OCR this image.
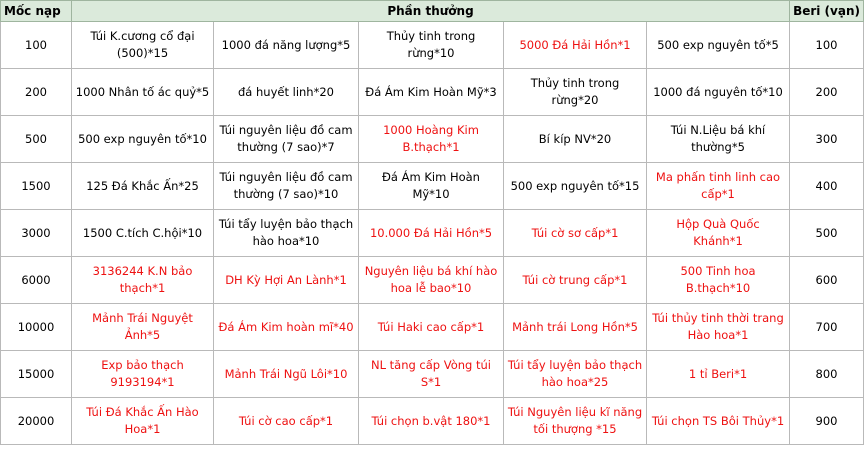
Mốc nạp	Phần thưởng					Beri (vạn)
100	Túi K.cương cổ đại (500)*15	1000 đá năng lượng*5	Thủy tinh trong rừng*10	5000 Đá Hải Hồn*1	500 exp nguyên tố*5	100
200	1000 Nhân tố ác quỷ*5	đá huyết linh*20	Đá Ám Kim Hoàn Mỹ*3	Thủy tinh trong rừng*20	1000 đá nguyên tố*10	200
500	500 exp nguyên tố*10	Túi nguyên liệu đồ cam thường (7 sao)*7	1000 Hoàng Kim B.thạch*1	Bí kíp NV*20	Túi N.Liệu bá khí thường*5	300
1500	125 Đá Khắc Ấn*25	Túi nguyên liệu đồ cam thường (7 sao)*10	Đá Ám Kim Hoàn Mỹ*10	500 exp nguyên tố*15	Ma phấn tinh linh cao cấp*1	400
3000	1500 C.tích C.hội*10	Túi tẩy luyện bảo thạch hào hoa*10	10.000 Đá Hải Hồn*5	Túi cờ sơ cấp*1	Hộp Quà Quốc Khánh*1	500
6000	3136244 K.N bảo thạch*1	DH Kỳ Hợi An Lành*1	Nguyên liệu bá khí hào hoa lễ bao*10	Túi cờ trung cấp*1	500 Tinh hoa B.thạch*10	600
10000	Mảnh Trái Nguyệt Ảnh*5	Đá Ám Kim hoàn mĩ*40	Túi Haki cao cấp*1	Mảnh trái Long Hồn*5	Túi thủy tinh thời trang Hào hoa*1	700
15000	Exp bảo thạch 9193194*1	Mảnh Trái Ngũ Lôi*10	NL tăng cấp Vòng túi S*1	Túi tẩy luyện bảo thạch hào hoa*25	1 tỉ Beri*1	800
20000	Túi Đá Khắc Ấn Hào Hoa*1	Túi cờ cao cấp*1	Túi chọn b.vật 180*1	Túi Nguyên liệu kĩ năng tối thượng *15	Túi chọn TS Bôi Thủy*1	900
